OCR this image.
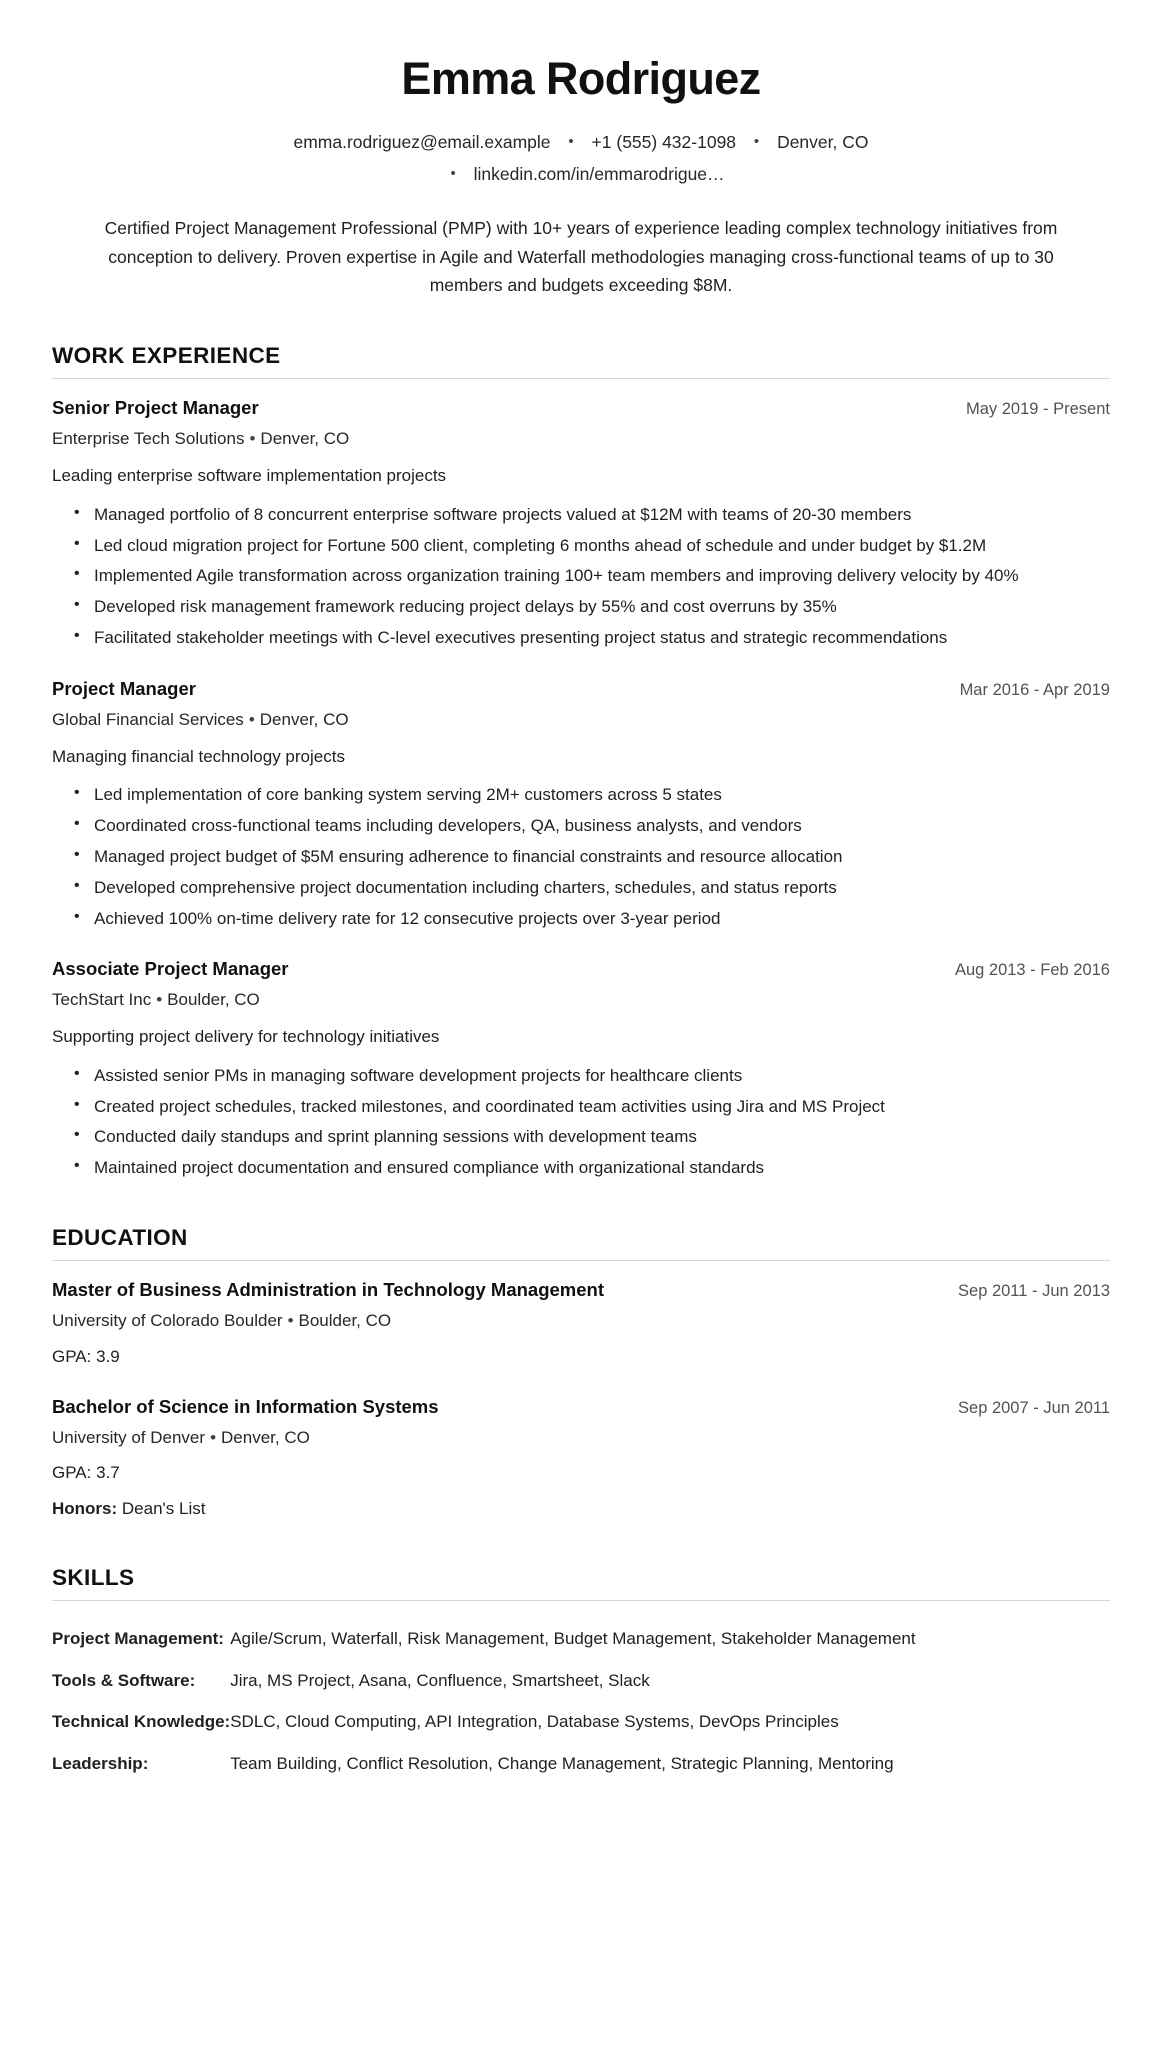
Emma Rodriguez
emma.rodriguez@email.example • +1 (555) 432-1098 • Denver, CO
• linkedin.com/in/emmarodrigue…

Certified Project Management Professional (PMP) with 10+ years of experience leading complex technology initiatives from conception to delivery. Proven expertise in Agile and Waterfall methodologies managing cross-functional teams of up to 30 members and budgets exceeding $8M.

WORK EXPERIENCE
Senior Project Manager	May 2019 - Present
Enterprise Tech Solutions • Denver, CO
Leading enterprise software implementation projects
• Managed portfolio of 8 concurrent enterprise software projects valued at $12M with teams of 20-30 members
• Led cloud migration project for Fortune 500 client, completing 6 months ahead of schedule and under budget by $1.2M
• Implemented Agile transformation across organization training 100+ team members and improving delivery velocity by 40%
• Developed risk management framework reducing project delays by 55% and cost overruns by 35%
• Facilitated stakeholder meetings with C-level executives presenting project status and strategic recommendations
Project Manager	Mar 2016 - Apr 2019
Global Financial Services • Denver, CO
Managing financial technology projects
• Led implementation of core banking system serving 2M+ customers across 5 states
• Coordinated cross-functional teams including developers, QA, business analysts, and vendors
• Managed project budget of $5M ensuring adherence to financial constraints and resource allocation
• Developed comprehensive project documentation including charters, schedules, and status reports
• Achieved 100% on-time delivery rate for 12 consecutive projects over 3-year period
Associate Project Manager	Aug 2013 - Feb 2016
TechStart Inc • Boulder, CO
Supporting project delivery for technology initiatives
• Assisted senior PMs in managing software development projects for healthcare clients
• Created project schedules, tracked milestones, and coordinated team activities using Jira and MS Project
• Conducted daily standups and sprint planning sessions with development teams
• Maintained project documentation and ensured compliance with organizational standards
EDUCATION
Master of Business Administration in Technology Management	Sep 2011 - Jun 2013
University of Colorado Boulder • Boulder, CO
GPA: 3.9
Bachelor of Science in Information Systems	Sep 2007 - Jun 2011
University of Denver • Denver, CO
GPA: 3.7
Honors: Dean's List
SKILLS
Project Management:	Agile/Scrum, Waterfall, Risk Management, Budget Management, Stakeholder Management
Tools & Software:	Jira, MS Project, Asana, Confluence, Smartsheet, Slack
Technical Knowledge:	SDLC, Cloud Computing, API Integration, Database Systems, DevOps Principles
Leadership:	Team Building, Conflict Resolution, Change Management, Strategic Planning, Mentoring
